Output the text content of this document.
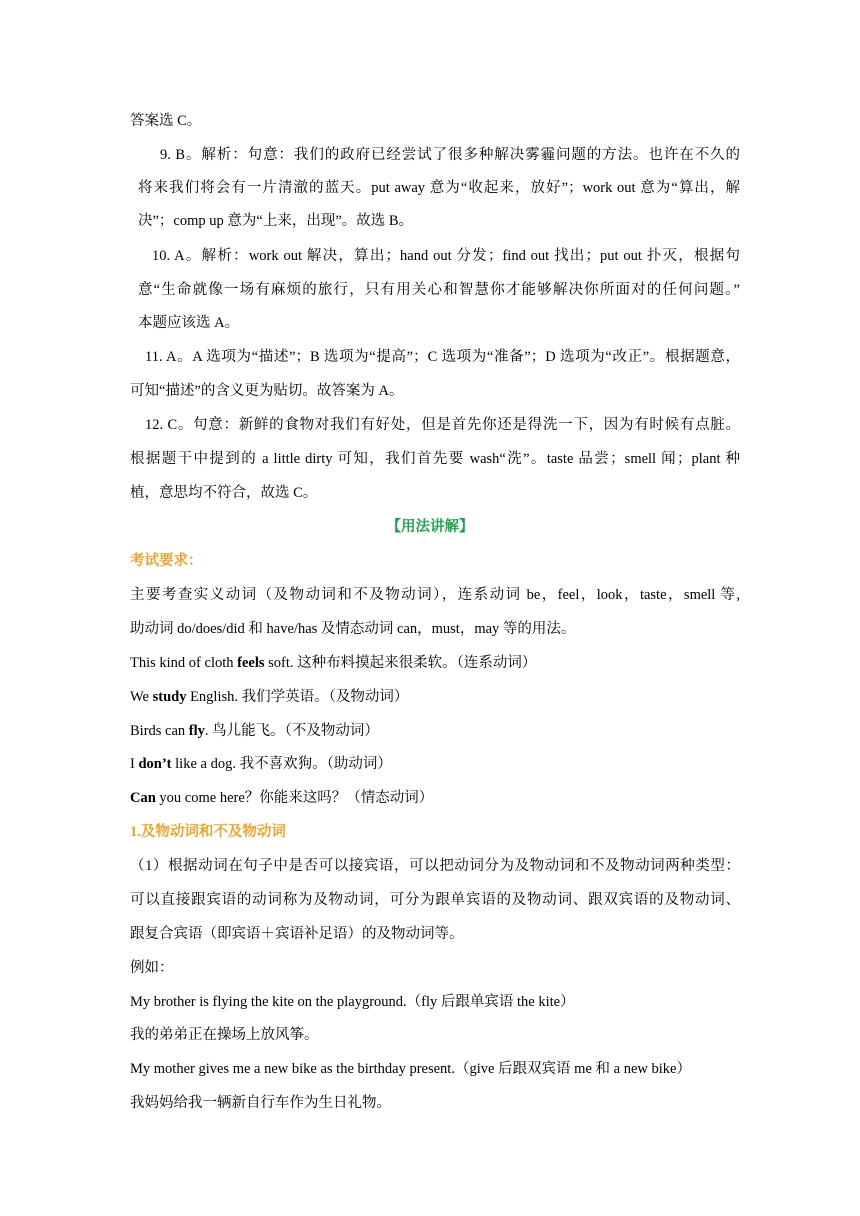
答案选 C。
9. B。解析：句意：我们的政府已经尝试了很多种解决雾霾问题的方法。也许在不久的
将来我们将会有一片清澈的蓝天。put away 意为“收起来，放好”；work out 意为“算出，解
决”；comp up 意为“上来，出现”。故选 B。
10. A。解析：work out 解决，算出；hand out 分发；find out 找出；put out 扑灭，根据句
意“生命就像一场有麻烦的旅行，只有用关心和智慧你才能够解决你所面对的任何问题。”
本题应该选 A。
11. A。A 选项为“描述”；B 选项为“提高”；C 选项为“准备”；D 选项为“改正”。根据题意，
可知“描述”的含义更为贴切。故答案为 A。
12. C。句意：新鲜的食物对我们有好处，但是首先你还是得洗一下，因为有时候有点脏。
根据题干中提到的 a little dirty 可知，我们首先要 wash“洗”。taste 品尝；smell 闻；plant 种
植，意思均不符合，故选 C。
【用法讲解】
考试要求：
主要考查实义动词（及物动词和不及物动词），连系动词 be，feel，look，taste，smell 等,
助动词 do/does/did 和 have/has 及情态动词 can，must，may 等的用法。
This kind of cloth feels soft. 这种布料摸起来很柔软。（连系动词）
We study English. 我们学英语。（及物动词）
Birds can fly. 鸟儿能飞。（不及物动词）
I don’t like a dog. 我不喜欢狗。（助动词）
Can you come here？你能来这吗？（情态动词）
1.及物动词和不及物动词
（1）根据动词在句子中是否可以接宾语，可以把动词分为及物动词和不及物动词两种类型：
可以直接跟宾语的动词称为及物动词，可分为跟单宾语的及物动词、跟双宾语的及物动词、
跟复合宾语（即宾语＋宾语补足语）的及物动词等。
例如：
My brother is flying the kite on the playground.（fly 后跟单宾语 the kite）
我的弟弟正在操场上放风筝。
My mother gives me a new bike as the birthday present.（give 后跟双宾语 me 和 a new bike）
我妈妈给我一辆新自行车作为生日礼物。
